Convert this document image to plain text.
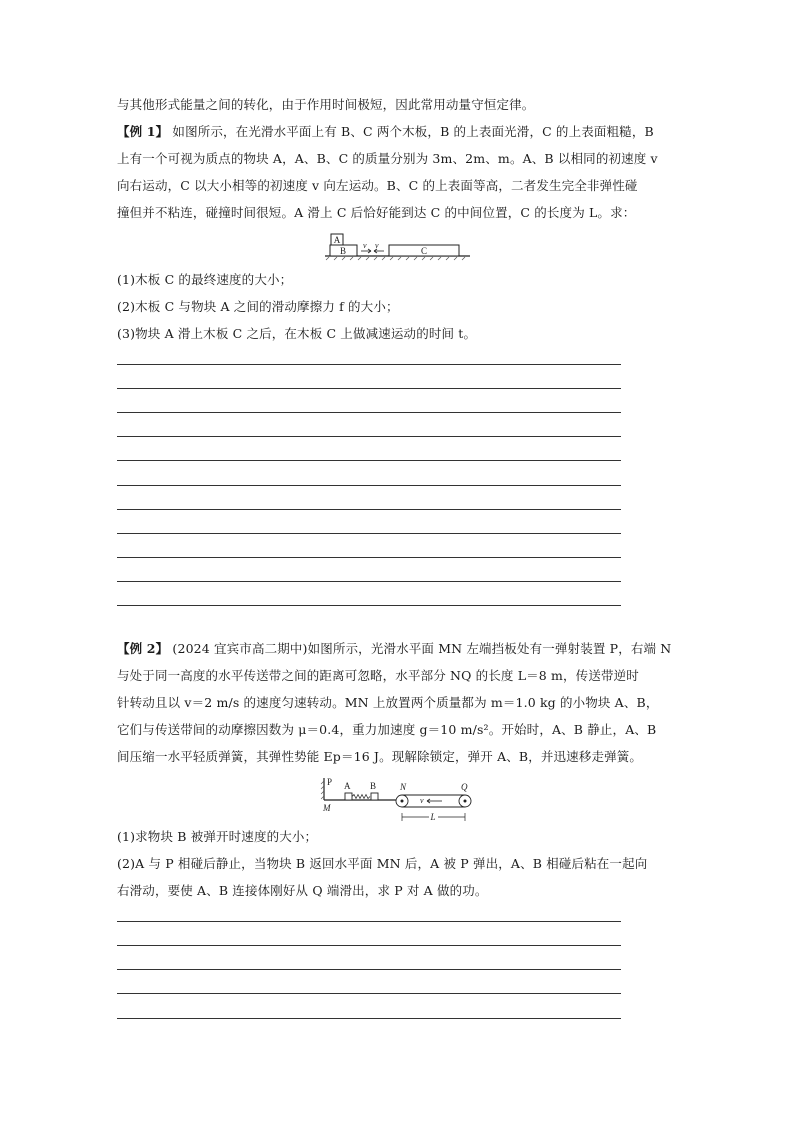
与其他形式能量之间的转化，由于作用时间极短，因此常用动量守恒定律。
【例 1】 如图所示，在光滑水平面上有 B、C 两个木板，B 的上表面光滑，C 的上表面粗糙，B
上有一个可视为质点的物块 A，A、B、C 的质量分别为 3m、2m、m。A、B 以相同的初速度 v
向右运动，C 以大小相等的初速度 v 向左运动。B、C 的上表面等高，二者发生完全非弹性碰
撞但并不粘连，碰撞时间很短。A 滑上 C 后恰好能到达 C 的中间位置，C 的长度为 L。求：
A
B
v v
C
(1)木板 C 的最终速度的大小；
(2)木板 C 与物块 A 之间的滑动摩擦力 f 的大小；
(3)物块 A 滑上木板 C 之后，在木板 C 上做减速运动的时间 t。
【例 2】 (2024 宜宾市高二期中)如图所示，光滑水平面 MN 左端挡板处有一弹射装置 P，右端 N
与处于同一高度的水平传送带之间的距离可忽略，水平部分 NQ 的长度 L＝8 m，传送带逆时
针转动且以 v＝2 m/s 的速度匀速转动。MN 上放置两个质量都为 m＝1.0 kg 的小物块 A、B，
它们与传送带间的动摩擦因数为 μ＝0.4，重力加速度 g＝10 m/s²。开始时，A、B 静止，A、B
间压缩一水平轻质弹簧，其弹性势能 Ep＝16 J。现解除锁定，弹开 A、B，并迅速移走弹簧。
P
M
A B	N	Q
v
L
(1)求物块 B 被弹开时速度的大小；
(2)A 与 P 相碰后静止，当物块 B 返回水平面 MN 后，A 被 P 弹出，A、B 相碰后粘在一起向
右滑动，要使 A、B 连接体刚好从 Q 端滑出，求 P 对 A 做的功。
